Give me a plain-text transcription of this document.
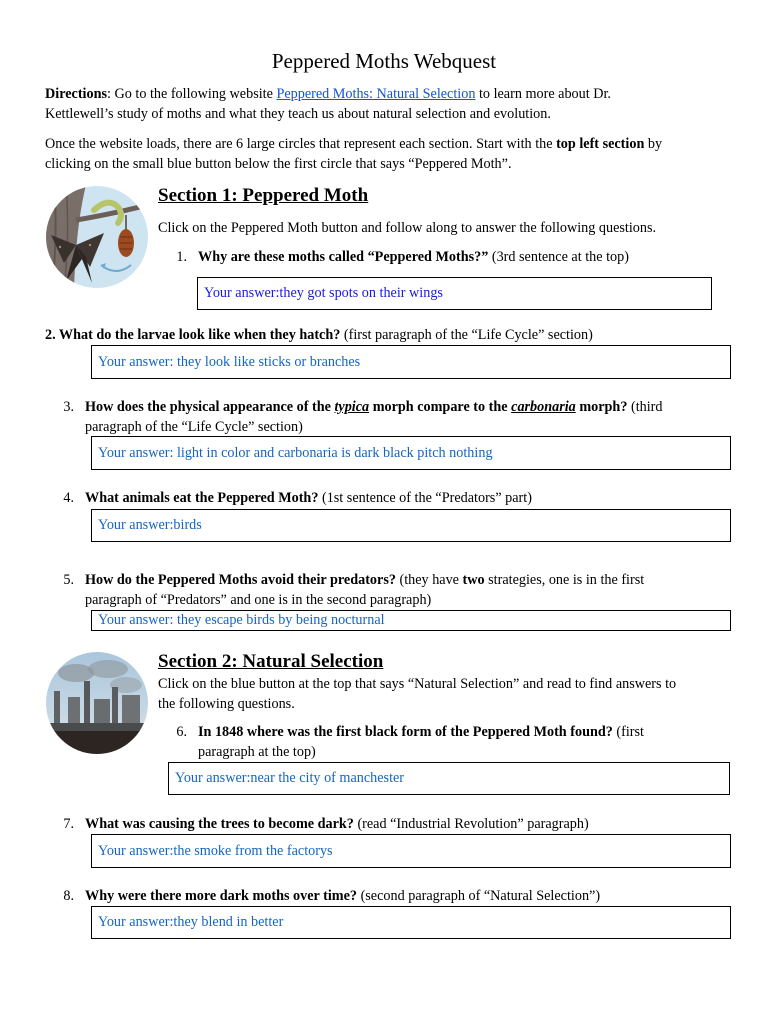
Peppered Moths Webquest
Directions: Go to the following website Peppered Moths: Natural Selection to learn more about Dr.
Kettlewell’s study of moths and what they teach us about natural selection and evolution.
Once the website loads, there are 6 large circles that represent each section. Start with the top left section by
clicking on the small blue button below the first circle that says “Peppered Moth”.
Section 1: Peppered Moth
Click on the Peppered Moth button and follow along to answer the following questions.
1. Why are these moths called “Peppered Moths?” (3rd sentence at the top)
Your answer:they got spots on their wings
2. What do the larvae look like when they hatch? (first paragraph of the “Life Cycle” section)
Your answer: they look like sticks or branches
3. How does the physical appearance of the typica morph compare to the carbonaria morph? (third
paragraph of the “Life Cycle” section)
Your answer: light in color and carbonaria is dark black pitch nothing
4. What animals eat the Peppered Moth? (1st sentence of the “Predators” part)
Your answer:birds
5. How do the Peppered Moths avoid their predators? (they have two strategies, one is in the first
paragraph of “Predators” and one is in the second paragraph)
Your answer: they escape birds by being nocturnal
Section 2: Natural Selection
Click on the blue button at the top that says “Natural Selection” and read to find answers to
the following questions.
6. In 1848 where was the first black form of the Peppered Moth found? (first
paragraph at the top)
Your answer:near the city of manchester
7. What was causing the trees to become dark? (read “Industrial Revolution” paragraph)
Your answer:the smoke from the factorys
8. Why were there more dark moths over time? (second paragraph of “Natural Selection”)
Your answer:they blend in better
